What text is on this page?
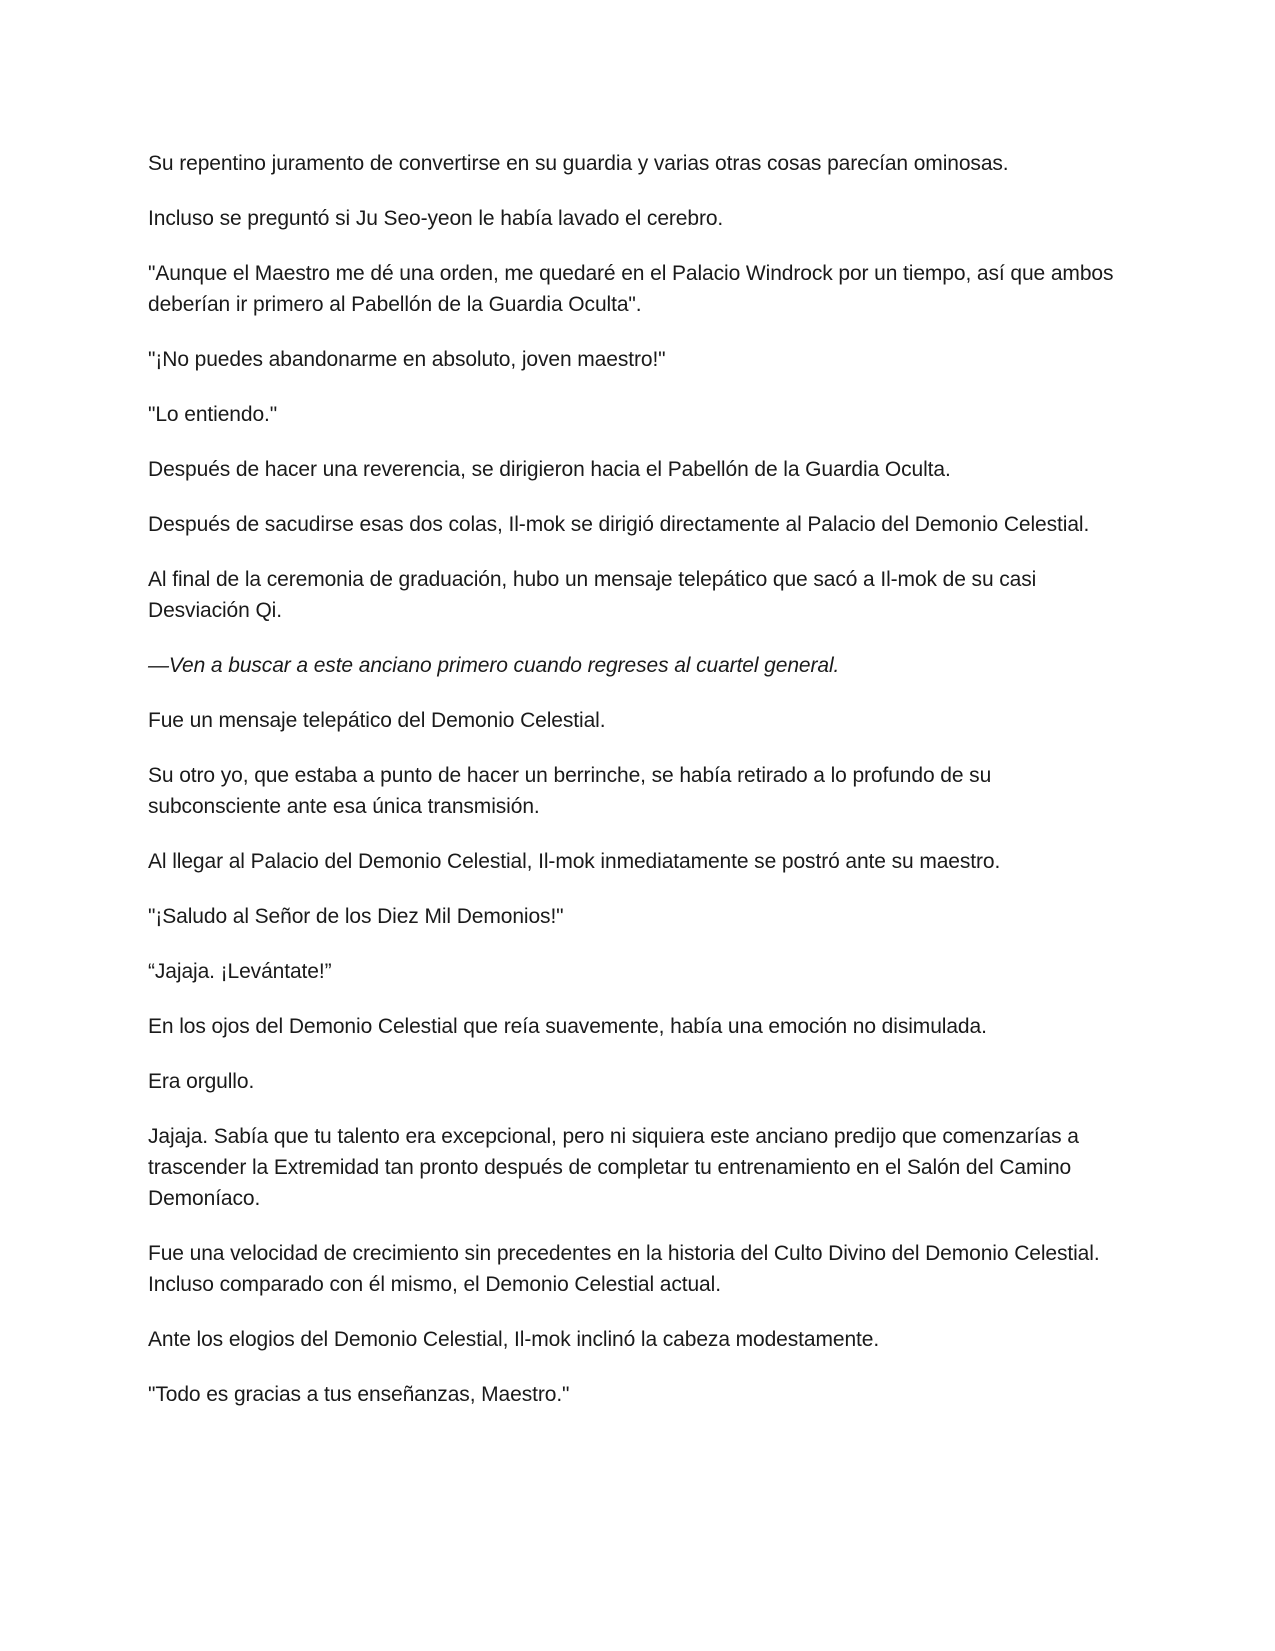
Su repentino juramento de convertirse en su guardia y varias otras cosas parecían ominosas.

Incluso se preguntó si Ju Seo-yeon le había lavado el cerebro.

"Aunque el Maestro me dé una orden, me quedaré en el Palacio Windrock por un tiempo, así que ambos deberían ir primero al Pabellón de la Guardia Oculta".

"¡No puedes abandonarme en absoluto, joven maestro!"

"Lo entiendo."

Después de hacer una reverencia, se dirigieron hacia el Pabellón de la Guardia Oculta.

Después de sacudirse esas dos colas, Il-mok se dirigió directamente al Palacio del Demonio Celestial.

Al final de la ceremonia de graduación, hubo un mensaje telepático que sacó a Il-mok de su casi Desviación Qi.

—Ven a buscar a este anciano primero cuando regreses al cuartel general.

Fue un mensaje telepático del Demonio Celestial.

Su otro yo, que estaba a punto de hacer un berrinche, se había retirado a lo profundo de su subconsciente ante esa única transmisión.

Al llegar al Palacio del Demonio Celestial, Il-mok inmediatamente se postró ante su maestro.

"¡Saludo al Señor de los Diez Mil Demonios!"

“Jajaja. ¡Levántate!”

En los ojos del Demonio Celestial que reía suavemente, había una emoción no disimulada.

Era orgullo.

Jajaja. Sabía que tu talento era excepcional, pero ni siquiera este anciano predijo que comenzarías a trascender la Extremidad tan pronto después de completar tu entrenamiento en el Salón del Camino Demoníaco.

Fue una velocidad de crecimiento sin precedentes en la historia del Culto Divino del Demonio Celestial. Incluso comparado con él mismo, el Demonio Celestial actual.

Ante los elogios del Demonio Celestial, Il-mok inclinó la cabeza modestamente.

"Todo es gracias a tus enseñanzas, Maestro."
